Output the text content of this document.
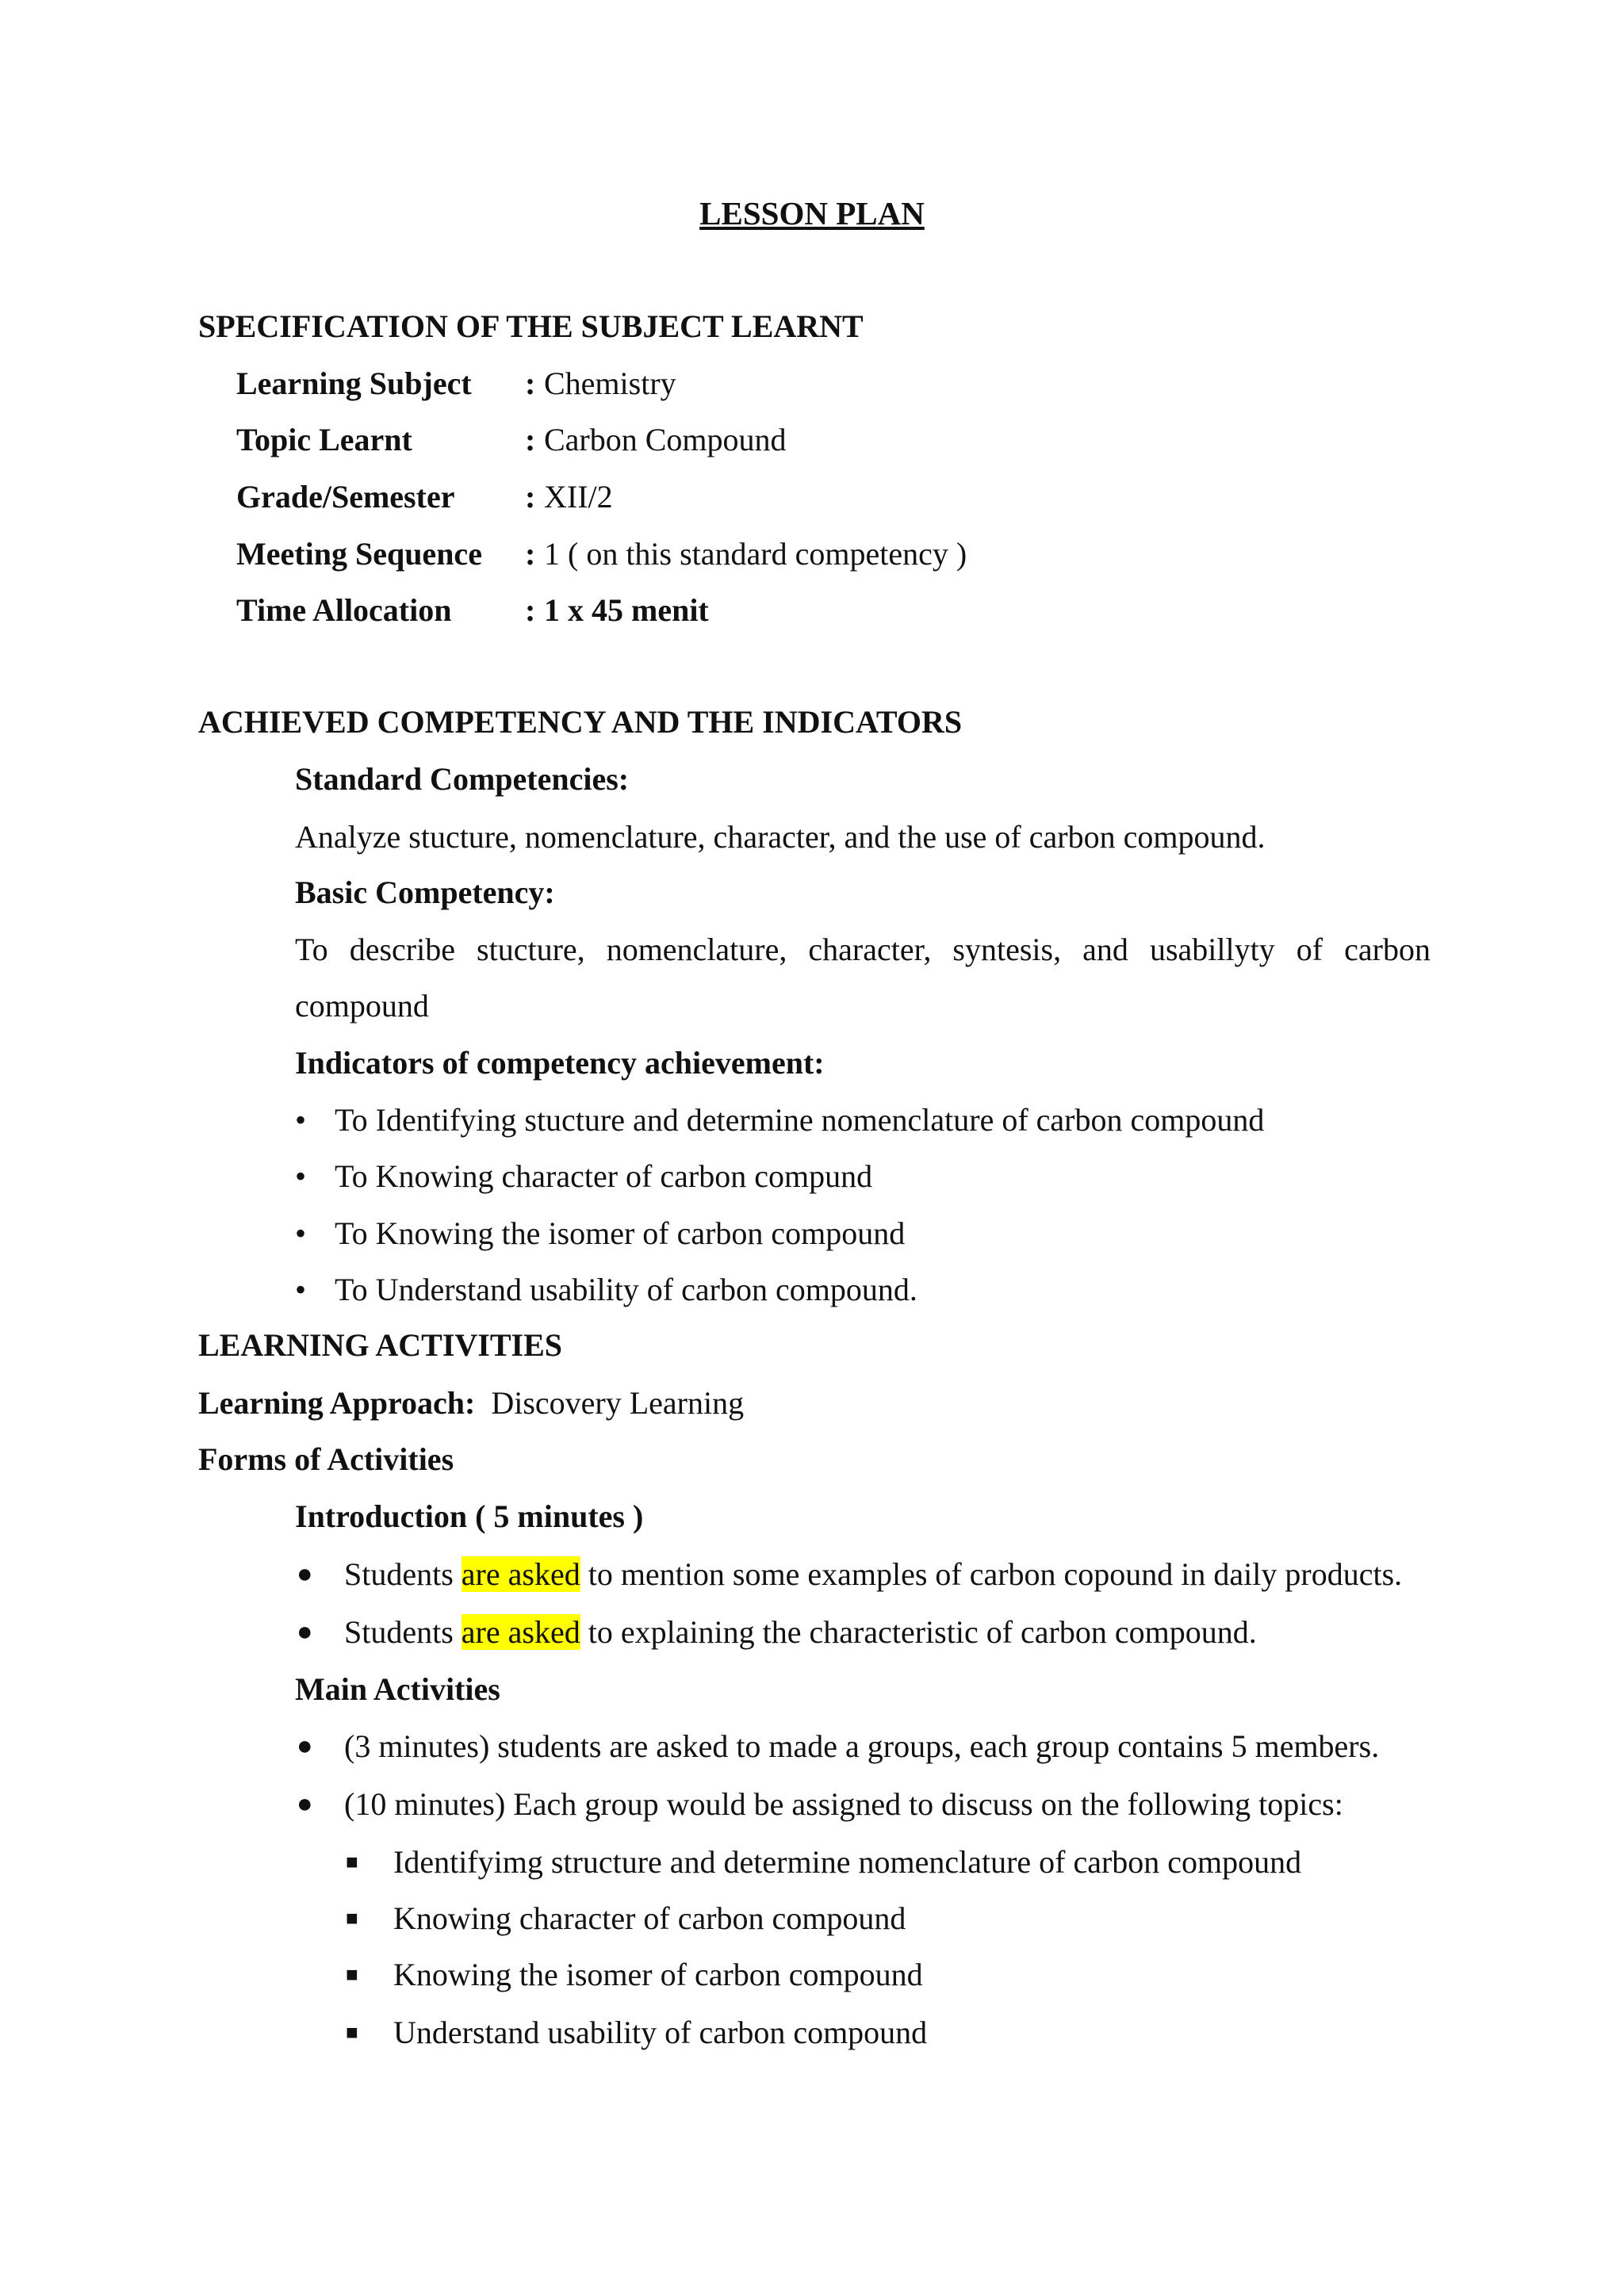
LESSON PLAN
SPECIFICATION OF THE SUBJECT LEARNT
Learning Subject : Chemistry
Topic Learnt	: Carbon Compound
Grade/Semester : XII/2
Meeting Sequence : 1 ( on this standard competency )
Time Allocation : 1 x 45 menit
ACHIEVED COMPETENCY AND THE INDICATORS
Standard Competencies:
Analyze stucture, nomenclature, character, and the use of carbon compound.
Basic Competency:
To describe stucture, nomenclature, character, syntesis, and usabillyty of carbon
compound
Indicators of competency achievement:
• To Identifying stucture and determine nomenclature of carbon compound
• To Knowing character of carbon compund
• To Knowing the isomer of carbon compound
• To Understand usability of carbon compound.
LEARNING ACTIVITIES
Learning Approach: Discovery Learning
Forms of Activities
Introduction ( 5 minutes )
● Students are asked to mention some examples of carbon copound in daily products.
● Students are asked to explaining the characteristic of carbon compound.
Main Activities
● (3 minutes) students are asked to made a groups, each group contains 5 members.
● (10 minutes) Each group would be assigned to discuss on the following topics:
■ Identifyimg structure and determine nomenclature of carbon compound
■ Knowing character of carbon compound
■ Knowing the isomer of carbon compound
■ Understand usability of carbon compound
